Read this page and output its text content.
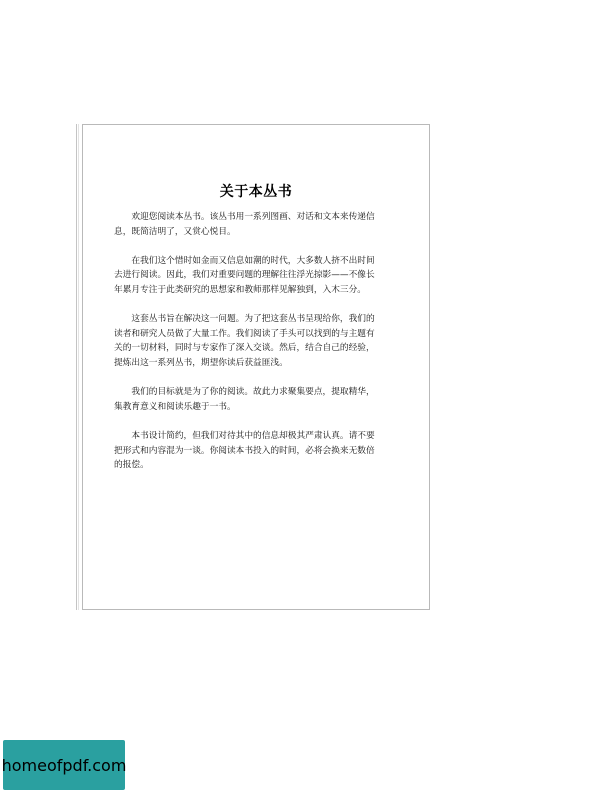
关于本丛书

欢迎您阅读本丛书。该丛书用一系列图画、对话和文本来传递信息，既简洁明了，又赏心悦目。

在我们这个惜时如金而又信息如潮的时代，大多数人挤不出时间去进行阅读。因此，我们对重要问题的理解往往浮光掠影——不像长年累月专注于此类研究的思想家和教师那样见解独到，入木三分。

这套丛书旨在解决这一问题。为了把这套丛书呈现给你，我们的读者和研究人员做了大量工作。我们阅读了手头可以找到的与主题有关的一切材料，同时与专家作了深入交谈。然后，结合自己的经验，提炼出这一系列丛书，期望你读后获益匪浅。

我们的目标就是为了你的阅读。故此力求聚集要点，提取精华，集教育意义和阅读乐趣于一书。

本书设计简约，但我们对待其中的信息却极其严肃认真。请不要把形式和内容混为一谈。你阅读本书投入的时间，必将会换来无数倍的报偿。

homeofpdf.com
